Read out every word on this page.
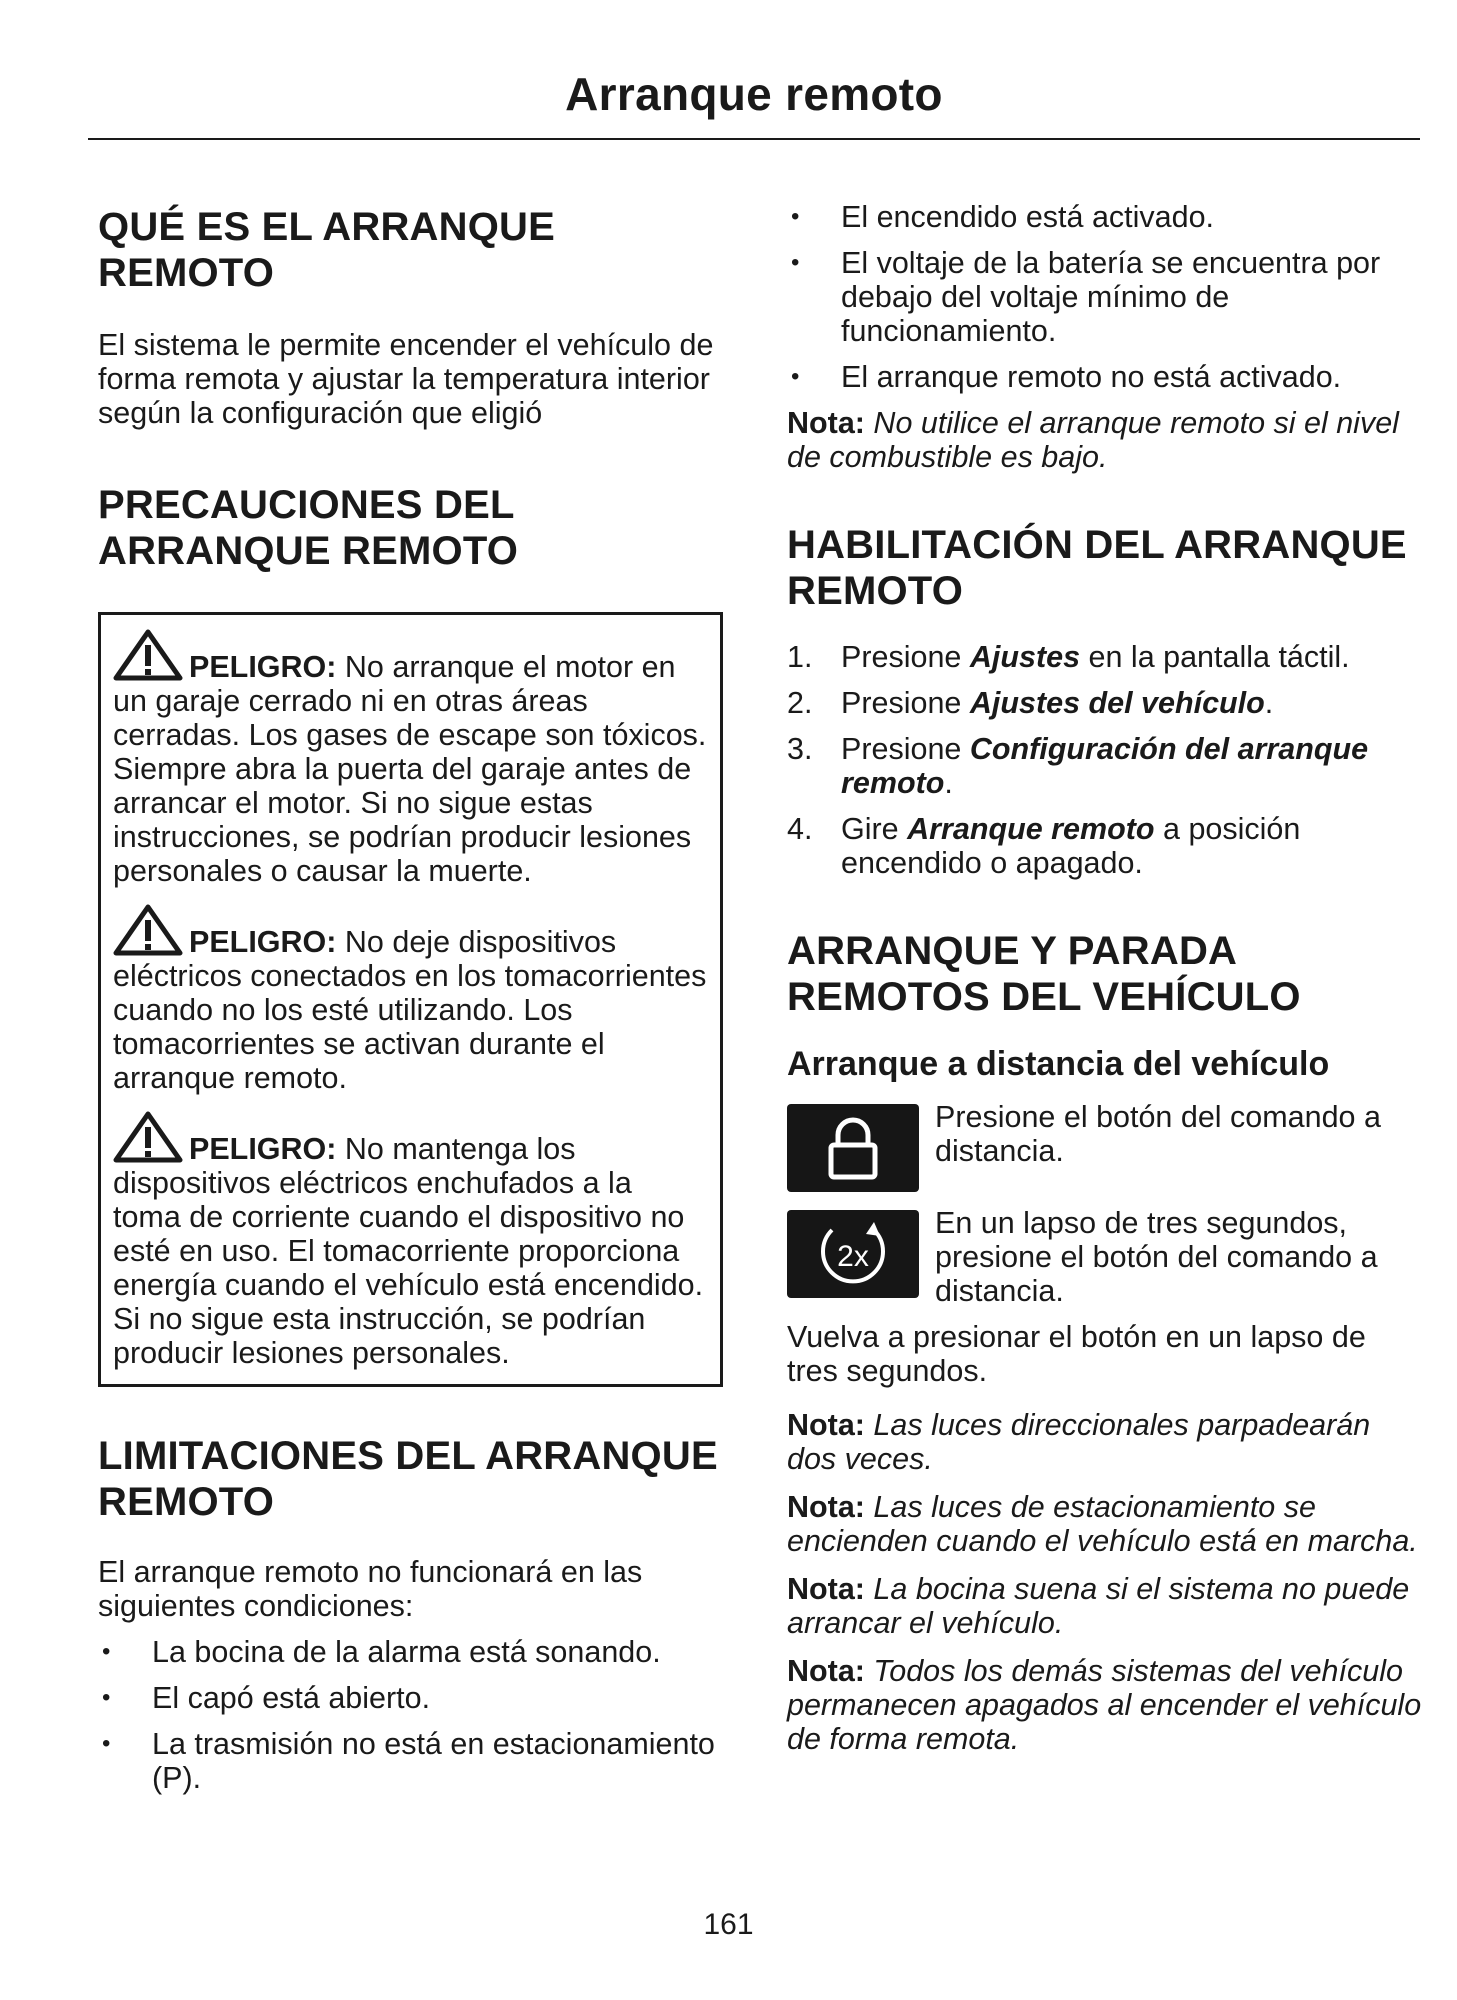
Arranque remoto
QUÉ ES EL ARRANQUE REMOTO

El sistema le permite encender el vehículo de forma remota y ajustar la temperatura interior según la configuración que eligió

PRECAUCIONES DEL ARRANQUE REMOTO
PELIGRO: No arranque el motor en un garaje cerrado ni en otras áreas cerradas. Los gases de escape son tóxicos. Siempre abra la puerta del garaje antes de arrancar el motor. Si no sigue estas instrucciones, se podrían producir lesiones personales o causar la muerte.
PELIGRO: No deje dispositivos eléctricos conectados en los tomacorrientes cuando no los esté utilizando. Los tomacorrientes se activan durante el arranque remoto.
PELIGRO: No mantenga los dispositivos eléctricos enchufados a la toma de corriente cuando el dispositivo no esté en uso. El tomacorriente proporciona energía cuando el vehículo está encendido. Si no sigue esta instrucción, se podrían producir lesiones personales.
LIMITACIONES DEL ARRANQUE REMOTO

El arranque remoto no funcionará en las siguientes condiciones:

• La bocina de la alarma está sonando.
• El capó está abierto.
• La trasmisión no está en estacionamiento (P).
• El encendido está activado.
• El voltaje de la batería se encuentra por debajo del voltaje mínimo de funcionamiento.
• El arranque remoto no está activado.

Nota: No utilice el arranque remoto si el nivel de combustible es bajo.

HABILITACIÓN DEL ARRANQUE REMOTO
1. Presione Ajustes en la pantalla táctil.
2. Presione Ajustes del vehículo.
3. Presione Configuración del arranque remoto.
4. Gire Arranque remoto a posición encendido o apagado.
ARRANQUE Y PARADA REMOTOS DEL VEHÍCULO
Arranque a distancia del vehículo

Presione el botón del comando a distancia.

2x

En un lapso de tres segundos, presione el botón del comando a distancia.

Vuelva a presionar el botón en un lapso de tres segundos.

Nota: Las luces direccionales parpadearán dos veces.

Nota: Las luces de estacionamiento se encienden cuando el vehículo está en marcha.

Nota: La bocina suena si el sistema no puede arrancar el vehículo.

Nota: Todos los demás sistemas del vehículo permanecen apagados al encender el vehículo de forma remota.

161
